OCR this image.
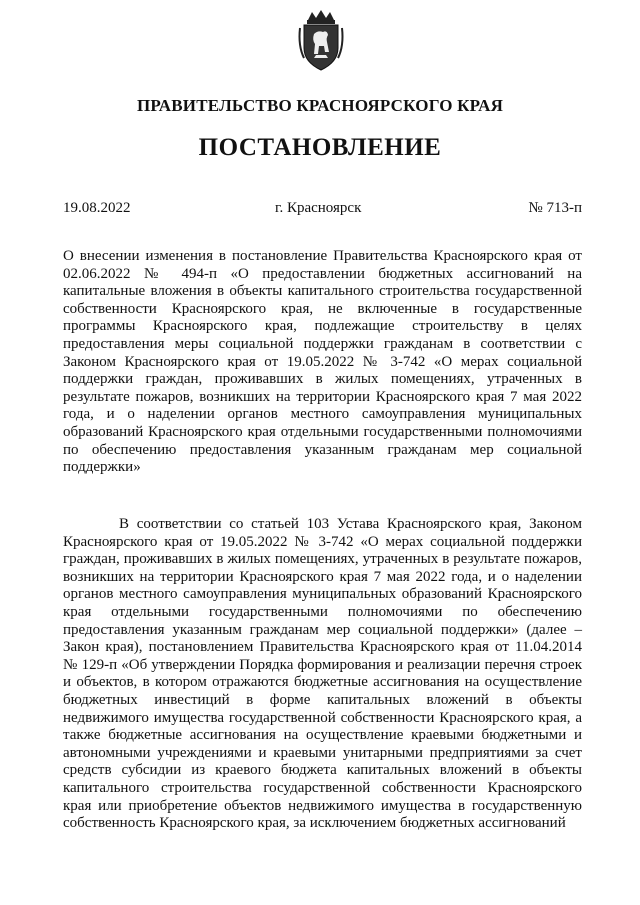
ПРАВИТЕЛЬСТВО КРАСНОЯРСКОГО КРАЯ
ПОСТАНОВЛЕНИЕ
19.08.2022	г. Красноярск	№ 713-п
О внесении изменения в постановление Правительства Красноярского края от 02.06.2022 № 494-п «О предоставлении бюджетных ассигнований на капитальные вложения в объекты капитального строительства государственной собственности Красноярского края, не включенные в государственные программы Красноярского края, подлежащие строительству в целях предоставления меры социальной поддержки гражданам в соответствии с Законом Красноярского края от 19.05.2022 № 3-742 «О мерах социальной поддержки граждан, проживавших в жилых помещениях, утраченных в результате пожаров, возникших на территории Красноярского края 7 мая 2022 года, и о наделении органов местного самоуправления муниципальных образований Красноярского края отдельными государственными полномочиями по обеспечению предоставления указанным гражданам мер социальной поддержки»
В соответствии со статьей 103 Устава Красноярского края, Законом Красноярского края от 19.05.2022 № 3-742 «О мерах социальной поддержки граждан, проживавших в жилых помещениях, утраченных в результате пожаров, возникших на территории Красноярского края 7 мая 2022 года, и о наделении органов местного самоуправления муниципальных образований Красноярского края отдельными государственными полномочиями по обеспечению предоставления указанным гражданам мер социальной поддержки» (далее – Закон края), постановлением Правительства Красноярского края от 11.04.2014 № 129-п «Об утверждении Порядка формирования и реализации перечня строек и объектов, в котором отражаются бюджетные ассигнования на осуществление бюджетных инвестиций в форме капитальных вложений в объекты недвижимого имущества государственной собственности Красноярского края, а также бюджетные ассигнования на осуществление краевыми бюджетными и автономными учреждениями и краевыми унитарными предприятиями за счет средств субсидии из краевого бюджета капитальных вложений в объекты капитального строительства государственной собственности Красноярского края или приобретение объектов недвижимого имущества в государственную собственность Красноярского края, за исключением бюджетных ассигнований
